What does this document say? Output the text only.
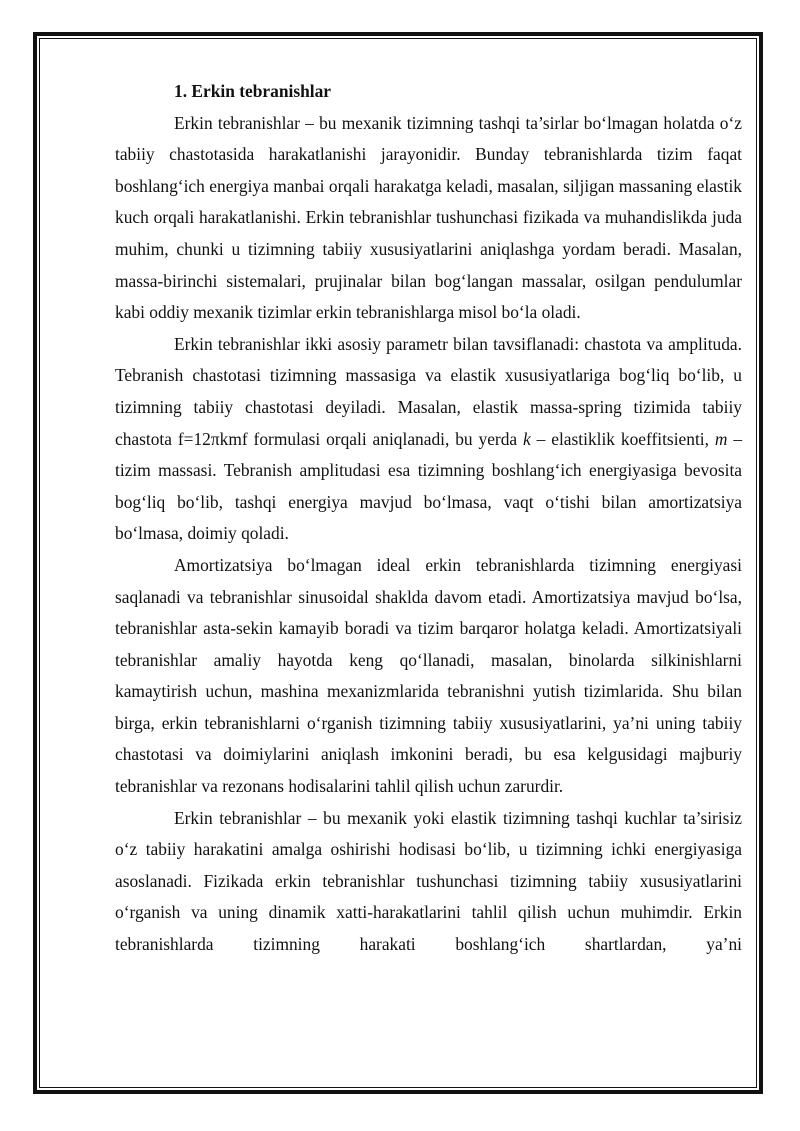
1. Erkin tebranishlar

Erkin tebranishlar – bu mexanik tizimning tashqi ta’sirlar bo‘lmagan holatda o‘z tabiiy chastotasida harakatlanishi jarayonidir. Bunday tebranishlarda tizim faqat boshlang‘ich energiya manbai orqali harakatga keladi, masalan, siljigan massaning elastik kuch orqali harakatlanishi. Erkin tebranishlar tushunchasi fizikada va muhandislikda juda muhim, chunki u tizimning tabiiy xususiyatlarini aniqlashga yordam beradi. Masalan, massa-birinchi sistemalari, prujinalar bilan bog‘langan massalar, osilgan pendulumlar kabi oddiy mexanik tizimlar erkin tebranishlarga misol bo‘la oladi.

Erkin tebranishlar ikki asosiy parametr bilan tavsiflanadi: chastota va amplituda. Tebranish chastotasi tizimning massasiga va elastik xususiyatlariga bog‘liq bo‘lib, u tizimning tabiiy chastotasi deyiladi. Masalan, elastik massa-spring tizimida tabiiy chastota f=12πkmf formulasi orqali aniqlanadi, bu yerda k – elastiklik koeffitsienti, m – tizim massasi. Tebranish amplitudasi esa tizimning boshlang‘ich energiyasiga bevosita bog‘liq bo‘lib, tashqi energiya mavjud bo‘lmasa, vaqt o‘tishi bilan amortizatsiya bo‘lmasa, doimiy qoladi.

Amortizatsiya bo‘lmagan ideal erkin tebranishlarda tizimning energiyasi saqlanadi va tebranishlar sinusoidal shaklda davom etadi. Amortizatsiya mavjud bo‘lsa, tebranishlar asta-sekin kamayib boradi va tizim barqaror holatga keladi. Amortizatsiyali tebranishlar amaliy hayotda keng qo‘llanadi, masalan, binolarda silkinishlarni kamaytirish uchun, mashina mexanizmlarida tebranishni yutish tizimlarida. Shu bilan birga, erkin tebranishlarni o‘rganish tizimning tabiiy xususiyatlarini, ya’ni uning tabiiy chastotasi va doimiylarini aniqlash imkonini beradi, bu esa kelgusidagi majburiy tebranishlar va rezonans hodisalarini tahlil qilish uchun zarurdir.

Erkin tebranishlar – bu mexanik yoki elastik tizimning tashqi kuchlar ta’sirisiz o‘z tabiiy harakatini amalga oshirishi hodisasi bo‘lib, u tizimning ichki energiyasiga asoslanadi. Fizikada erkin tebranishlar tushunchasi tizimning tabiiy xususiyatlarini o‘rganish va uning dinamik xatti-harakatlarini tahlil qilish uchun muhimdir. Erkin tebranishlarda tizimning harakati boshlang‘ich shartlardan, ya’ni
